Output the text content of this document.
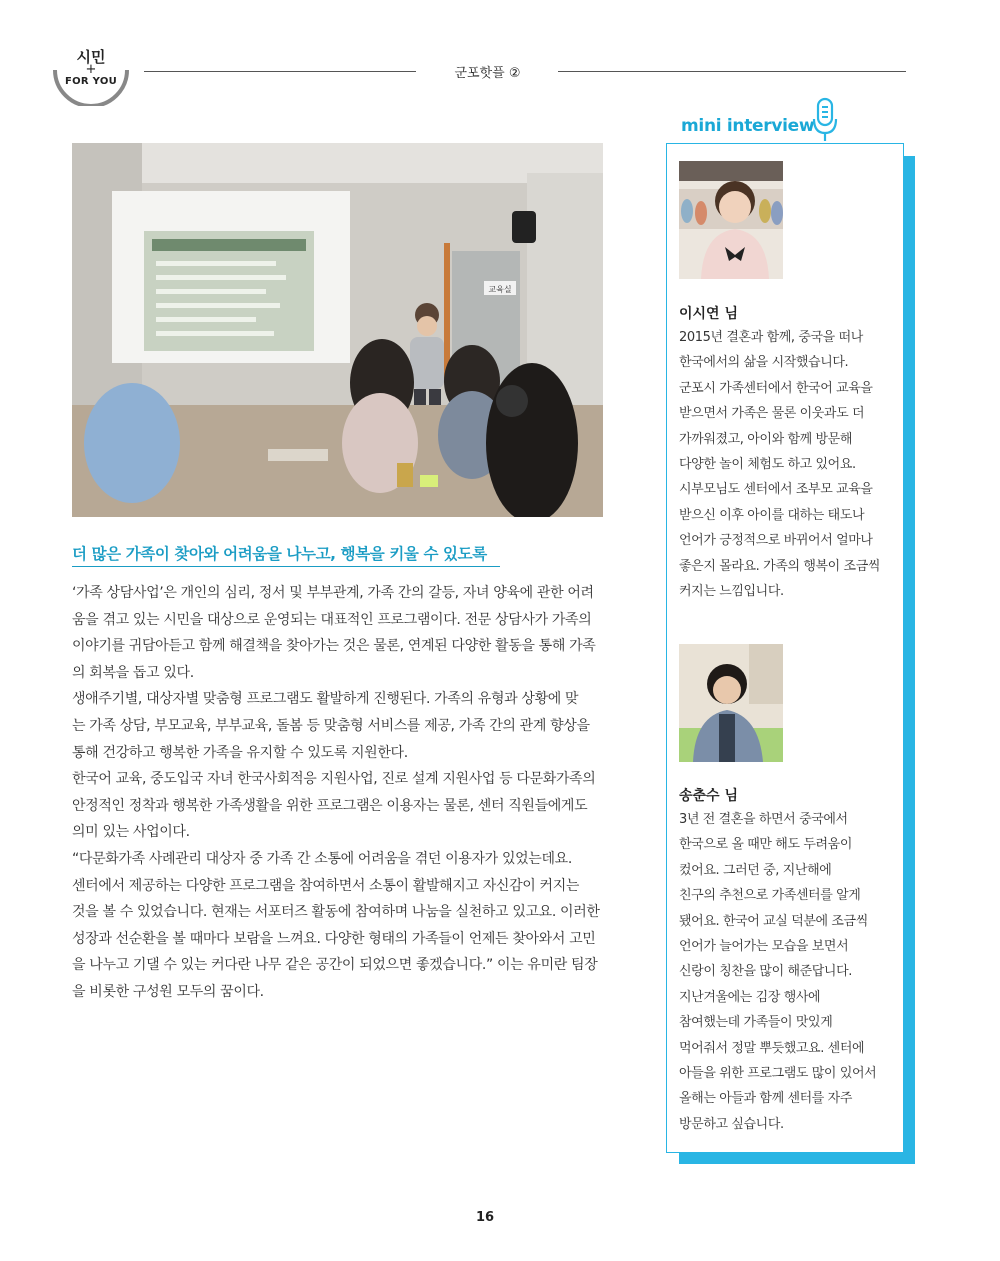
시민
+
FOR YOU
군포핫플 ②
교육실
더 많은 가족이 찾아와 어려움을 나누고, 행복을 키울 수 있도록

‘가족 상담사업’은 개인의 심리, 정서 및 부부관계, 가족 간의 갈등, 자녀 양육에 관한 어려

움을 겪고 있는 시민을 대상으로 운영되는 대표적인 프로그램이다. 전문 상담사가 가족의

이야기를 귀담아듣고 함께 해결책을 찾아가는 것은 물론, 연계된 다양한 활동을 통해 가족

의 회복을 돕고 있다.

생애주기별, 대상자별 맞춤형 프로그램도 활발하게 진행된다. 가족의 유형과 상황에 맞

는 가족 상담, 부모교육, 부부교육, 돌봄 등 맞춤형 서비스를 제공, 가족 간의 관계 향상을

통해 건강하고 행복한 가족을 유지할 수 있도록 지원한다.

한국어 교육, 중도입국 자녀 한국사회적응 지원사업, 진로 설계 지원사업 등 다문화가족의

안정적인 정착과 행복한 가족생활을 위한 프로그램은 이용자는 물론, 센터 직원들에게도

의미 있는 사업이다.

“다문화가족 사례관리 대상자 중 가족 간 소통에 어려움을 겪던 이용자가 있었는데요.

센터에서 제공하는 다양한 프로그램을 참여하면서 소통이 활발해지고 자신감이 커지는

것을 볼 수 있었습니다. 현재는 서포터즈 활동에 참여하며 나눔을 실천하고 있고요. 이러한

성장과 선순환을 볼 때마다 보람을 느껴요. 다양한 형태의 가족들이 언제든 찾아와서 고민

을 나누고 기댈 수 있는 커다란 나무 같은 공간이 되었으면 좋겠습니다.” 이는 유미란 팀장

을 비롯한 구성원 모두의 꿈이다.

mini interview
이시연 님
2015년 결혼과 함께, 중국을 떠나
한국에서의 삶을 시작했습니다.
군포시 가족센터에서 한국어 교육을
받으면서 가족은 물론 이웃과도 더
가까워졌고, 아이와 함께 방문해
다양한 놀이 체험도 하고 있어요.
시부모님도 센터에서 조부모 교육을
받으신 이후 아이를 대하는 태도나
언어가 긍정적으로 바뀌어서 얼마나
좋은지 몰라요. 가족의 행복이 조금씩
커지는 느낌입니다.
송춘수 님
3년 전 결혼을 하면서 중국에서
한국으로 올 때만 해도 두려움이
컸어요. 그러던 중, 지난해에
친구의 추천으로 가족센터를 알게
됐어요. 한국어 교실 덕분에 조금씩
언어가 늘어가는 모습을 보면서
신랑이 칭찬을 많이 해준답니다.
지난겨울에는 김장 행사에
참여했는데 가족들이 맛있게
먹어줘서 정말 뿌듯했고요. 센터에
아들을 위한 프로그램도 많이 있어서
올해는 아들과 함께 센터를 자주
방문하고 싶습니다.
16
